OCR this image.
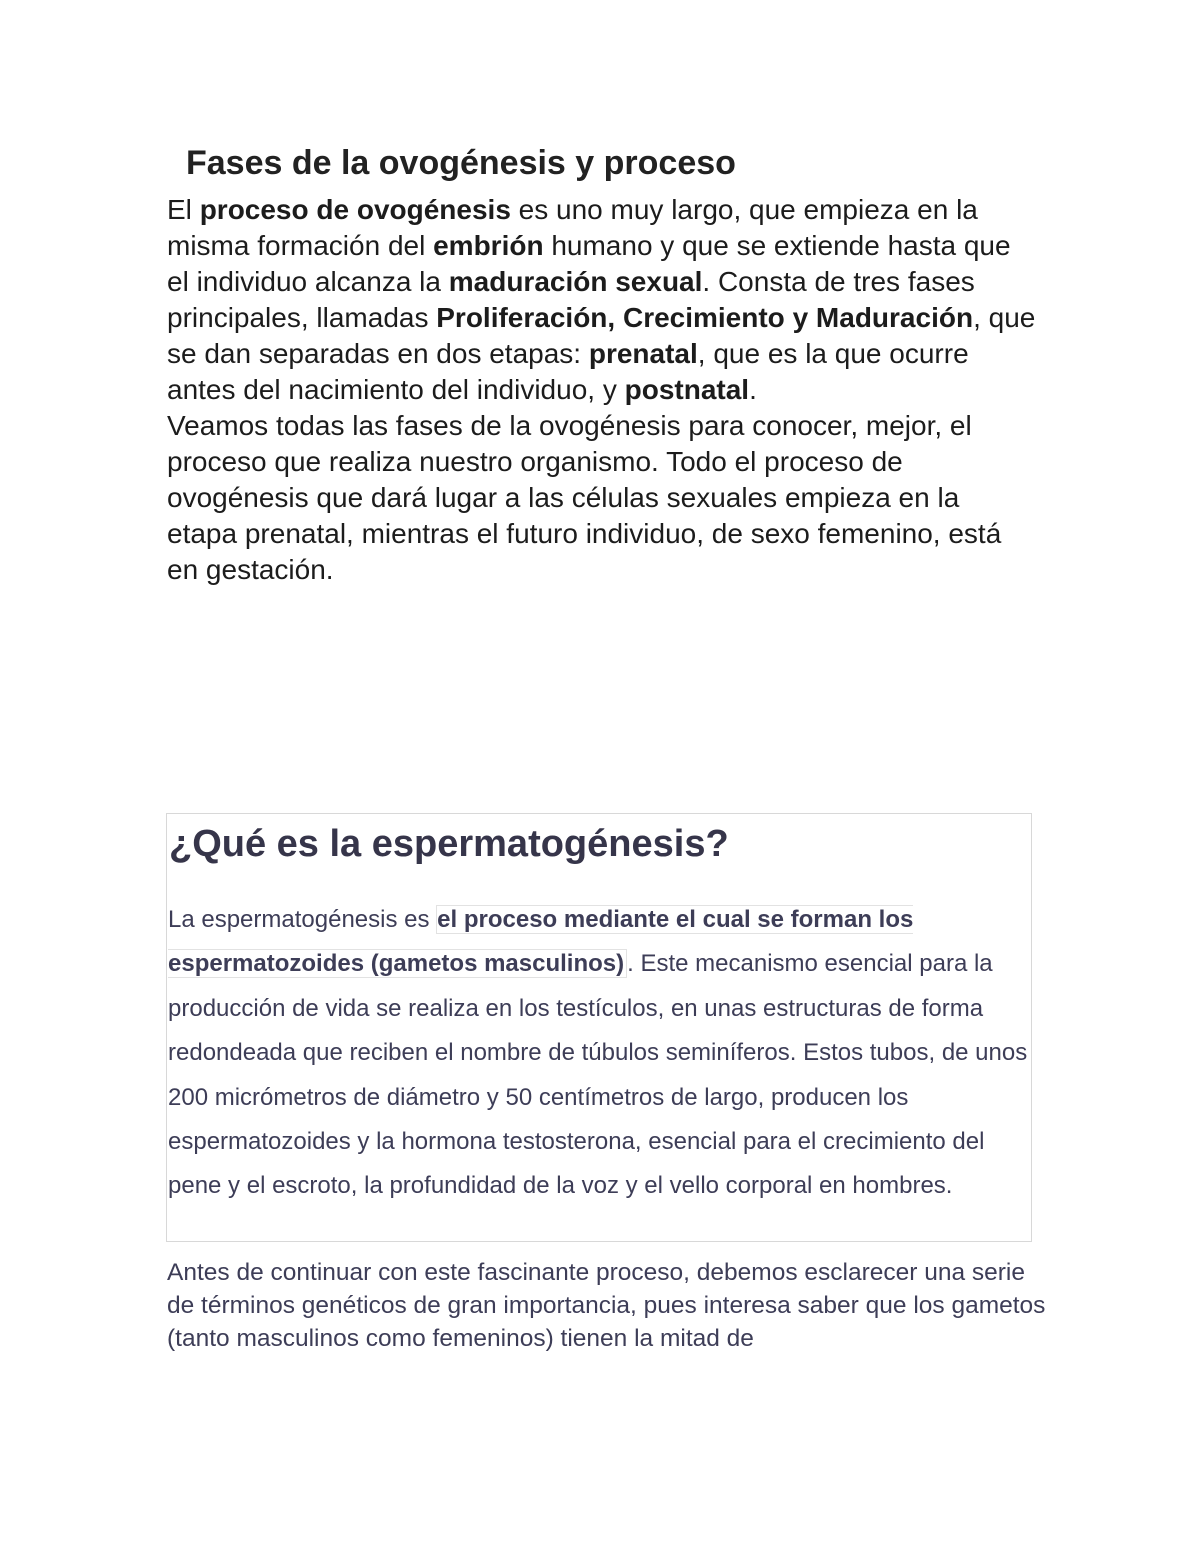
Fases de la ovogénesis y proceso

El proceso de ovogénesis es uno muy largo, que empieza en la misma formación del embrión humano y que se extiende hasta que el individuo alcanza la maduración sexual. Consta de tres fases principales, llamadas Proliferación, Crecimiento y Maduración, que se dan separadas en dos etapas: prenatal, que es la que ocurre antes del nacimiento del individuo, y postnatal.
Veamos todas las fases de la ovogénesis para conocer, mejor, el proceso que realiza nuestro organismo. Todo el proceso de ovogénesis que dará lugar a las células sexuales empieza en la etapa prenatal, mientras el futuro individuo, de sexo femenino, está en gestación.

¿Qué es la espermatogénesis?

La espermatogénesis es el proceso mediante el cual se forman los espermatozoides (gametos masculinos) . Este mecanismo esencial para la producción de vida se realiza en los testículos, en unas estructuras de forma redondeada que reciben el nombre de túbulos seminíferos. Estos tubos, de unos 200 micrómetros de diámetro y 50 centímetros de largo, producen los espermatozoides y la hormona testosterona, esencial para el crecimiento del pene y el escroto, la profundidad de la voz y el vello corporal en hombres.

Antes de continuar con este fascinante proceso, debemos esclarecer una serie de términos genéticos de gran importancia, pues interesa saber que los gametos (tanto masculinos como femeninos) tienen la mitad de
